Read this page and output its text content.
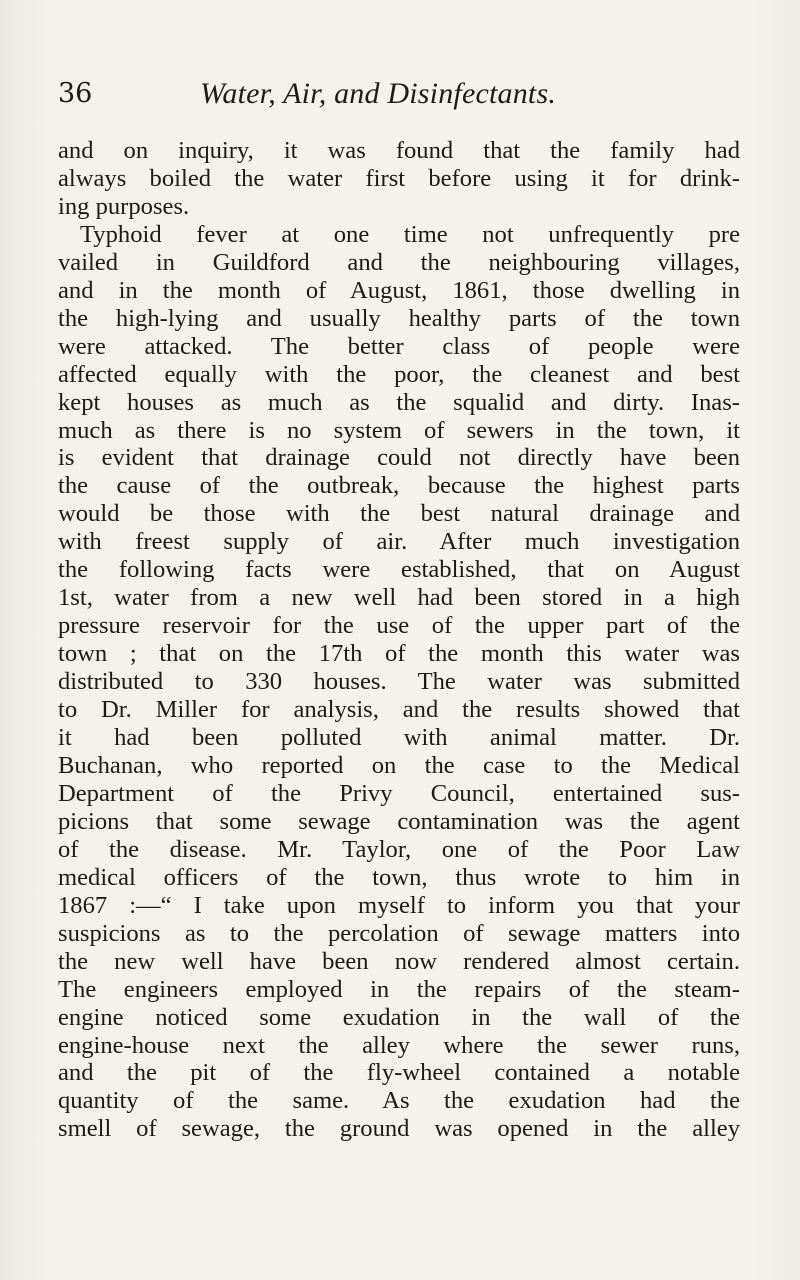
36	Water, Air, and Disinfectants.
and on inquiry, it was found that the family had
always boiled the water first before using it for drink-
ing purposes.
Typhoid fever at one time not unfrequently pre
vailed in Guildford and the neighbouring villages,
and in the month of August, 1861, those dwelling in
the high-lying and usually healthy parts of the town
were attacked. The better class of people were
affected equally with the poor, the cleanest and best
kept houses as much as the squalid and dirty. Inas-
much as there is no system of sewers in the town, it
is evident that drainage could not directly have been
the cause of the outbreak, because the highest parts
would be those with the best natural drainage and
with freest supply of air. After much investigation
the following facts were established, that on August
1st, water from a new well had been stored in a high
pressure reservoir for the use of the upper part of the
town ; that on the 17th of the month this water was
distributed to 330 houses. The water was submitted
to Dr. Miller for analysis, and the results showed that
it had been polluted with animal matter. Dr.
Buchanan, who reported on the case to the Medical
Department of the Privy Council, entertained sus-
picions that some sewage contamination was the agent
of the disease. Mr. Taylor, one of the Poor Law
medical officers of the town, thus wrote to him in
1867 :—“ I take upon myself to inform you that your
suspicions as to the percolation of sewage matters into
the new well have been now rendered almost certain.
The engineers employed in the repairs of the steam-
engine noticed some exudation in the wall of the
engine-house next the alley where the sewer runs,
and the pit of the fly-wheel contained a notable
quantity of the same. As the exudation had the
smell of sewage, the ground was opened in the alley
